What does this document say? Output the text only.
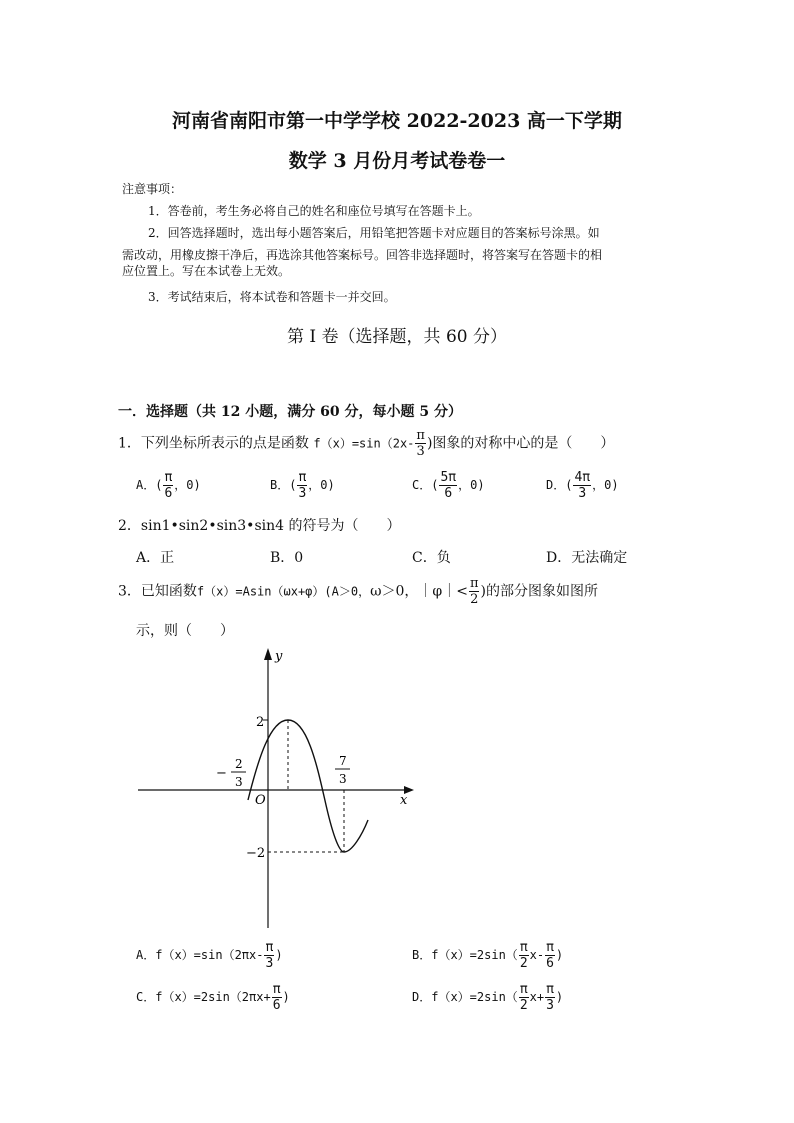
河南省南阳市第一中学学校 2022-2023 高一下学期
数学 3 月份月考试卷卷一
注意事项：
1．答卷前，考生务必将自己的姓名和座位号填写在答题卡上。
2．回答选择题时，选出每小题答案后，用铅笔把答题卡对应题目的答案标号涂黑。如
需改动，用橡皮擦干净后，再选涂其他答案标号。回答非选择题时，将答案写在答题卡的相
应位置上。写在本试卷上无效。
3．考试结束后，将本试卷和答题卡一并交回。
第 I 卷（选择题，共 60 分）
一．选择题（共 12 小题，满分 60 分，每小题 5 分）
1．下列坐标所表示的点是函数 $f(x)=\sin(2x- \frac{\pi}{3}$ )图象的对称中心的是（　　）
A．( $\frac{\pi}{6}$ ，0)	B．( $\frac{\pi}{3}$ ，0)	C．( $\frac{5\pi}{6}$ ，0)	D．( $\frac{4\pi}{3}$ ，0)
2．sin1•sin2•sin3•sin4 的符号为（　　）
A．正	B．0	C．负	D．无法确定
3．已知函数f（x）=Asin（ωx+φ）(A＞0，ω＞0，｜φ｜< $\frac{\pi}{2}$ )的部分图象如图所
示，则（　　）
y
x
O
2
−2
−
2
3
7
3
A．$f(x)=\sin(2\pi x- \frac{\pi}{3}$ )	B．$f(x)=2\sin( \frac{\pi}{2} x- \frac{\pi}{6}$ )
C．$f(x)=2\sin(2\pi x+ \frac{\pi}{6}$ )	D．$f(x)=2\sin( \frac{\pi}{2} x+ \frac{\pi}{3}$ )
